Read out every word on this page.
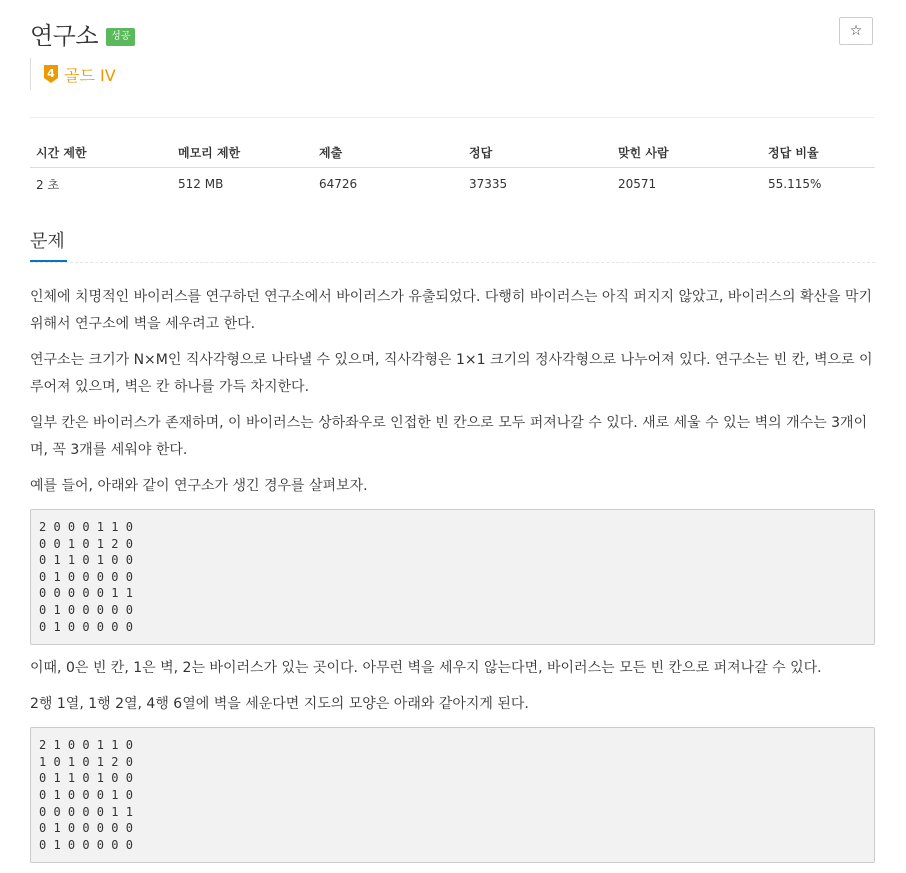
연구소	성공	☆
4 골드 IV
시간 제한	메모리 제한	제출	정답	맞힌 사람	정답 비율
2 초	512 MB	64726	37335	20571	55.115%
문제

인체에 치명적인 바이러스를 연구하던 연구소에서 바이러스가 유출되었다. 다행히 바이러스는 아직 퍼지지 않았고, 바이러스의 확산을 막기 위해서 연구소에 벽을 세우려고 한다.

연구소는 크기가 N×M인 직사각형으로 나타낼 수 있으며, 직사각형은 1×1 크기의 정사각형으로 나누어져 있다. 연구소는 빈 칸, 벽으로 이루어져 있으며, 벽은 칸 하나를 가득 차지한다.

일부 칸은 바이러스가 존재하며, 이 바이러스는 상하좌우로 인접한 빈 칸으로 모두 퍼져나갈 수 있다. 새로 세울 수 있는 벽의 개수는 3개이며, 꼭 3개를 세워야 한다.

예를 들어, 아래와 같이 연구소가 생긴 경우를 살펴보자.

2 0 0 0 1 1 0
0 0 1 0 1 2 0
0 1 1 0 1 0 0
0 1 0 0 0 0 0
0 0 0 0 0 1 1
0 1 0 0 0 0 0
0 1 0 0 0 0 0

이때, 0은 빈 칸, 1은 벽, 2는 바이러스가 있는 곳이다. 아무런 벽을 세우지 않는다면, 바이러스는 모든 빈 칸으로 퍼져나갈 수 있다.

2행 1열, 1행 2열, 4행 6열에 벽을 세운다면 지도의 모양은 아래와 같아지게 된다.

2 1 0 0 1 1 0
1 0 1 0 1 2 0
0 1 1 0 1 0 0
0 1 0 0 0 1 0
0 0 0 0 0 1 1
0 1 0 0 0 0 0
0 1 0 0 0 0 0
